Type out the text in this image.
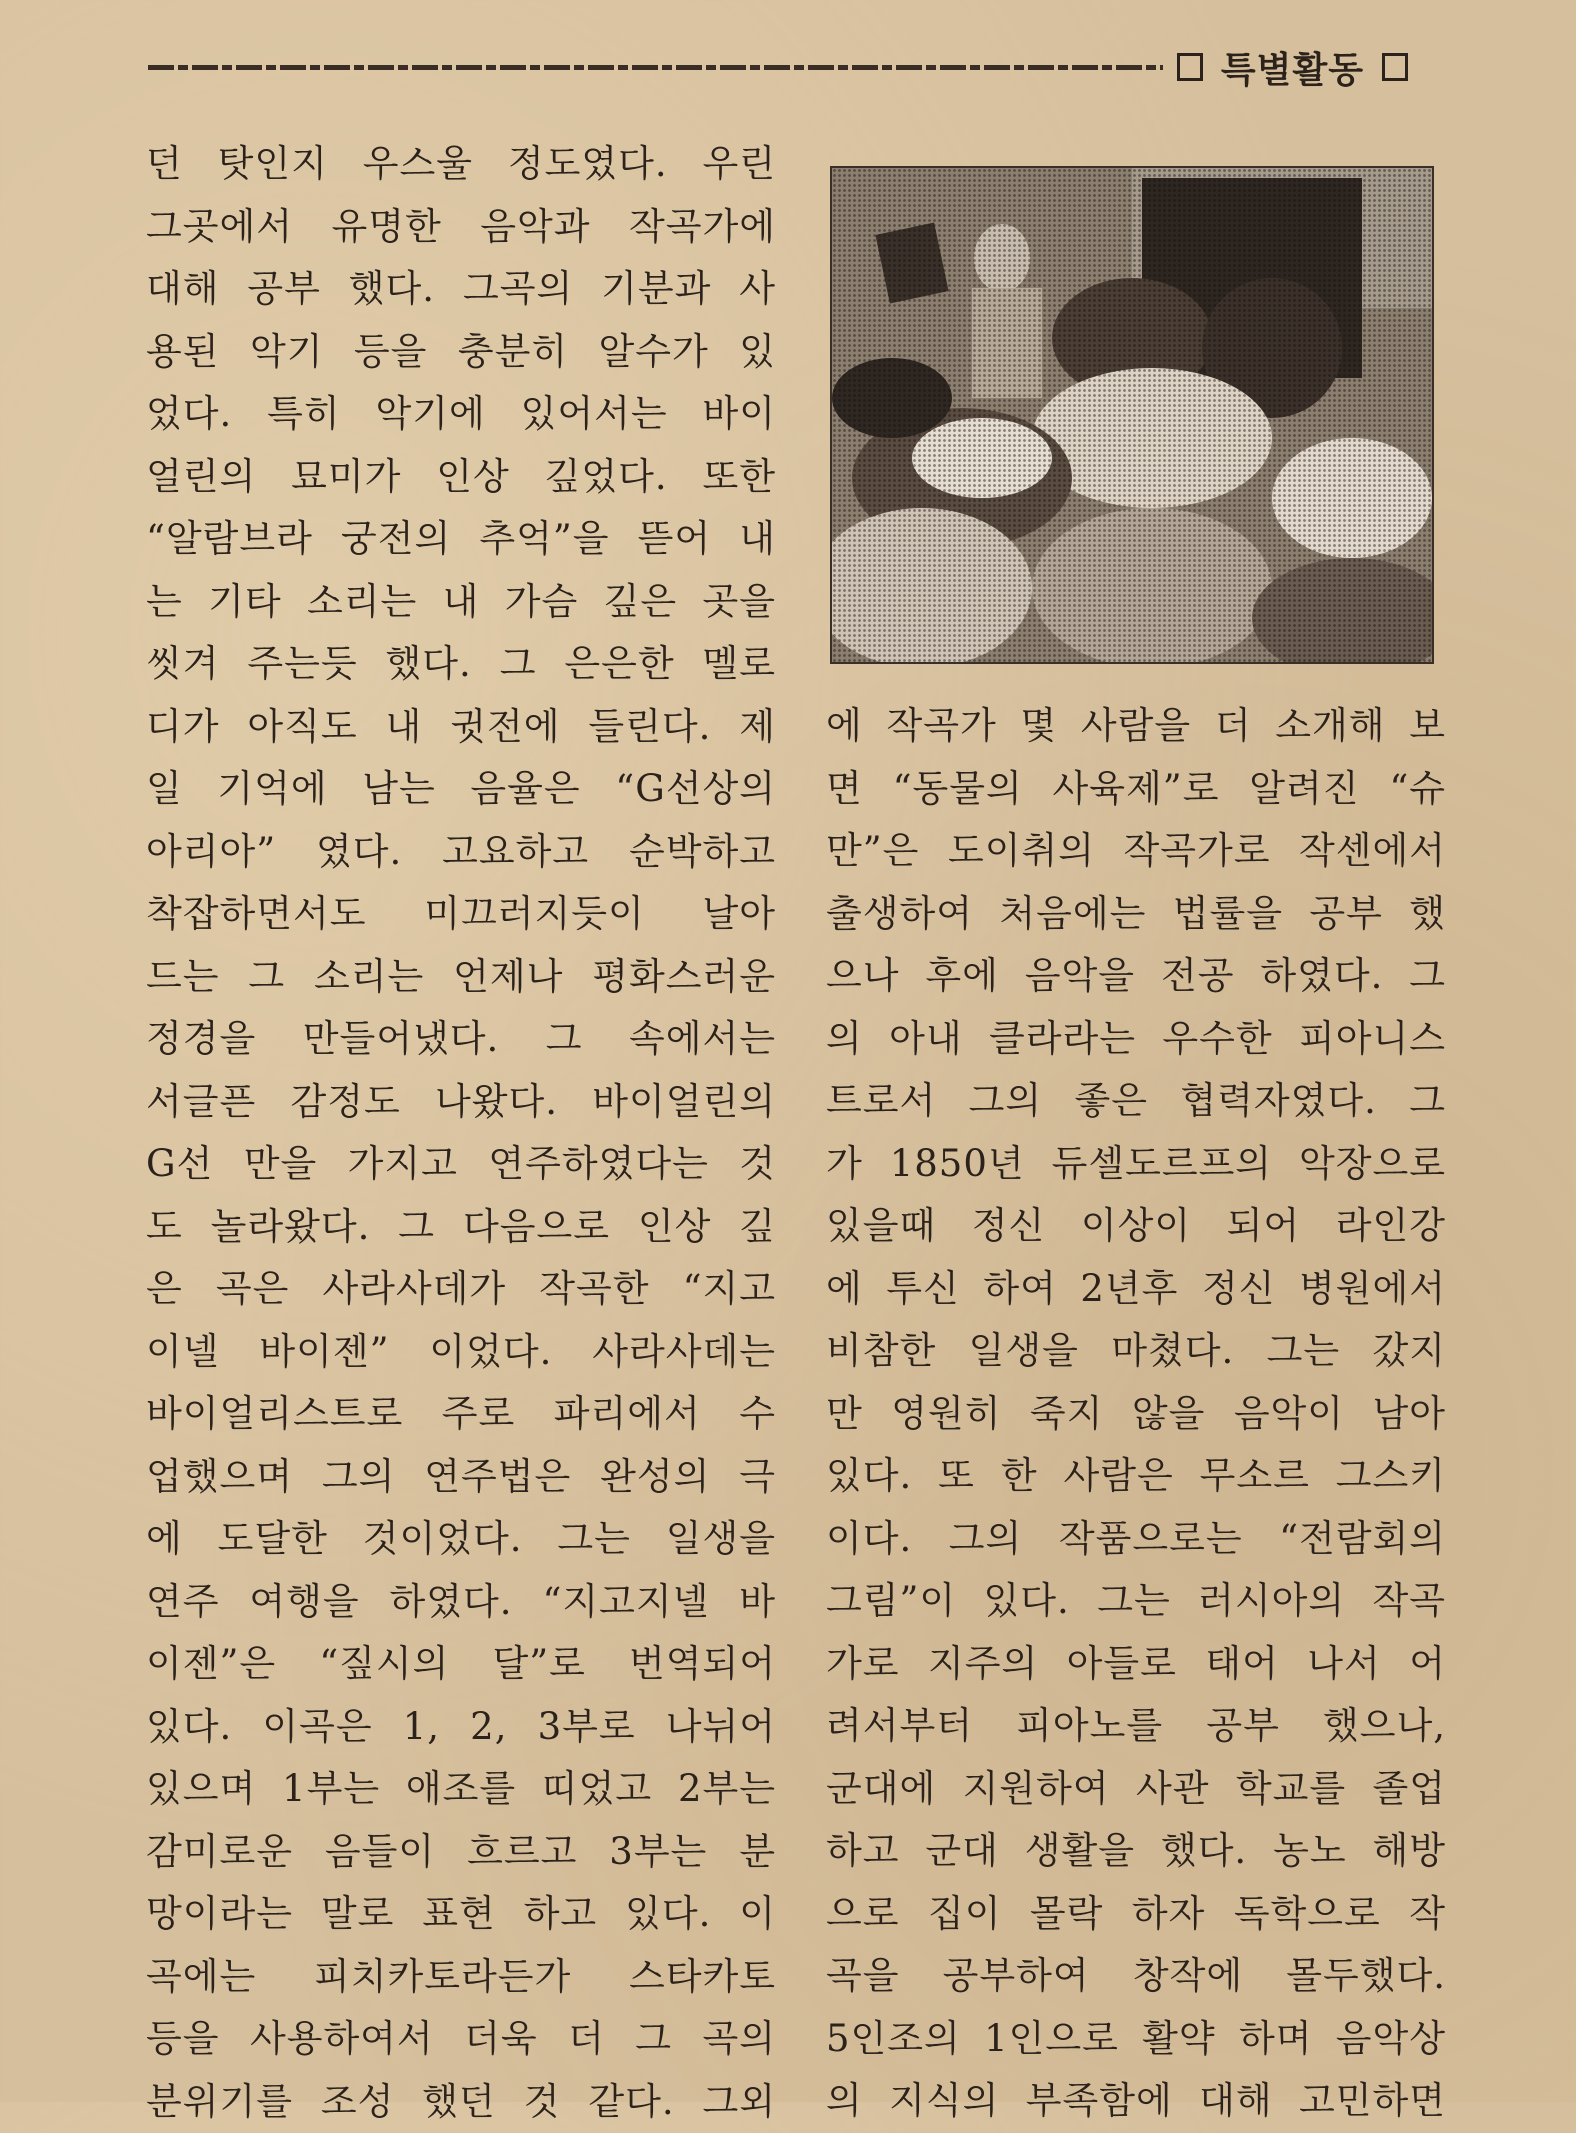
특별활동
던 탓인지 우스울 정도였다. 우린
그곳에서 유명한 음악과 작곡가에
대해 공부 했다. 그곡의 기분과 사
용된 악기 등을 충분히 알수가 있
었다. 특히 악기에 있어서는 바이
얼린의 묘미가 인상 깊었다. 또한
“알람브라 궁전의 추억”을 뜯어 내
는 기타 소리는 내 가슴 깊은 곳을
씻겨 주는듯 했다. 그 은은한 멜로
디가 아직도 내 귓전에 들린다. 제
일 기억에 남는 음율은 “G선상의
아리아” 였다. 고요하고 순박하고
착잡하면서도 미끄러지듯이 날아
드는 그 소리는 언제나 평화스러운
정경을 만들어냈다. 그 속에서는
서글픈 감정도 나왔다. 바이얼린의
G선 만을 가지고 연주하였다는 것
도 놀라왔다. 그 다음으로 인상 깊
은 곡은 사라사데가 작곡한 “지고
이넬 바이젠” 이었다. 사라사데는
바이얼리스트로 주로 파리에서 수
업했으며 그의 연주법은 완성의 극
에 도달한 것이었다. 그는 일생을
연주 여행을 하였다. “지고지넬 바
이젠”은 “짚시의 달”로 번역되어
있다. 이곡은 1, 2, 3부로 나뉘어
있으며 1부는 애조를 띠었고 2부는
감미로운 음들이 흐르고 3부는 분
망이라는 말로 표현 하고 있다. 이
곡에는 피치카토라든가 스타카토
등을 사용하여서 더욱 더 그 곡의
분위기를 조성 했던 것 같다. 그외
에 작곡가 몇 사람을 더 소개해 보
면 “동물의 사육제”로 알려진 “슈
만”은 도이취의 작곡가로 작센에서
출생하여 처음에는 법률을 공부 했
으나 후에 음악을 전공 하였다. 그
의 아내 클라라는 우수한 피아니스
트로서 그의 좋은 협력자였다. 그
가 1850년 듀셀도르프의 악장으로
있을때 정신 이상이 되어 라인강
에 투신 하여 2년후 정신 병원에서
비참한 일생을 마쳤다. 그는 갔지
만 영원히 죽지 않을 음악이 남아
있다. 또 한 사람은 무소르 그스키
이다. 그의 작품으로는 “전람회의
그림”이 있다. 그는 러시아의 작곡
가로 지주의 아들로 태어 나서 어
려서부터 피아노를 공부 했으나,
군대에 지원하여 사관 학교를 졸업
하고 군대 생활을 했다. 농노 해방
으로 집이 몰락 하자 독학으로 작
곡을 공부하여 창작에 몰두했다.
5인조의 1인으로 활약 하며 음악상
의 지식의 부족함에 대해 고민하면
